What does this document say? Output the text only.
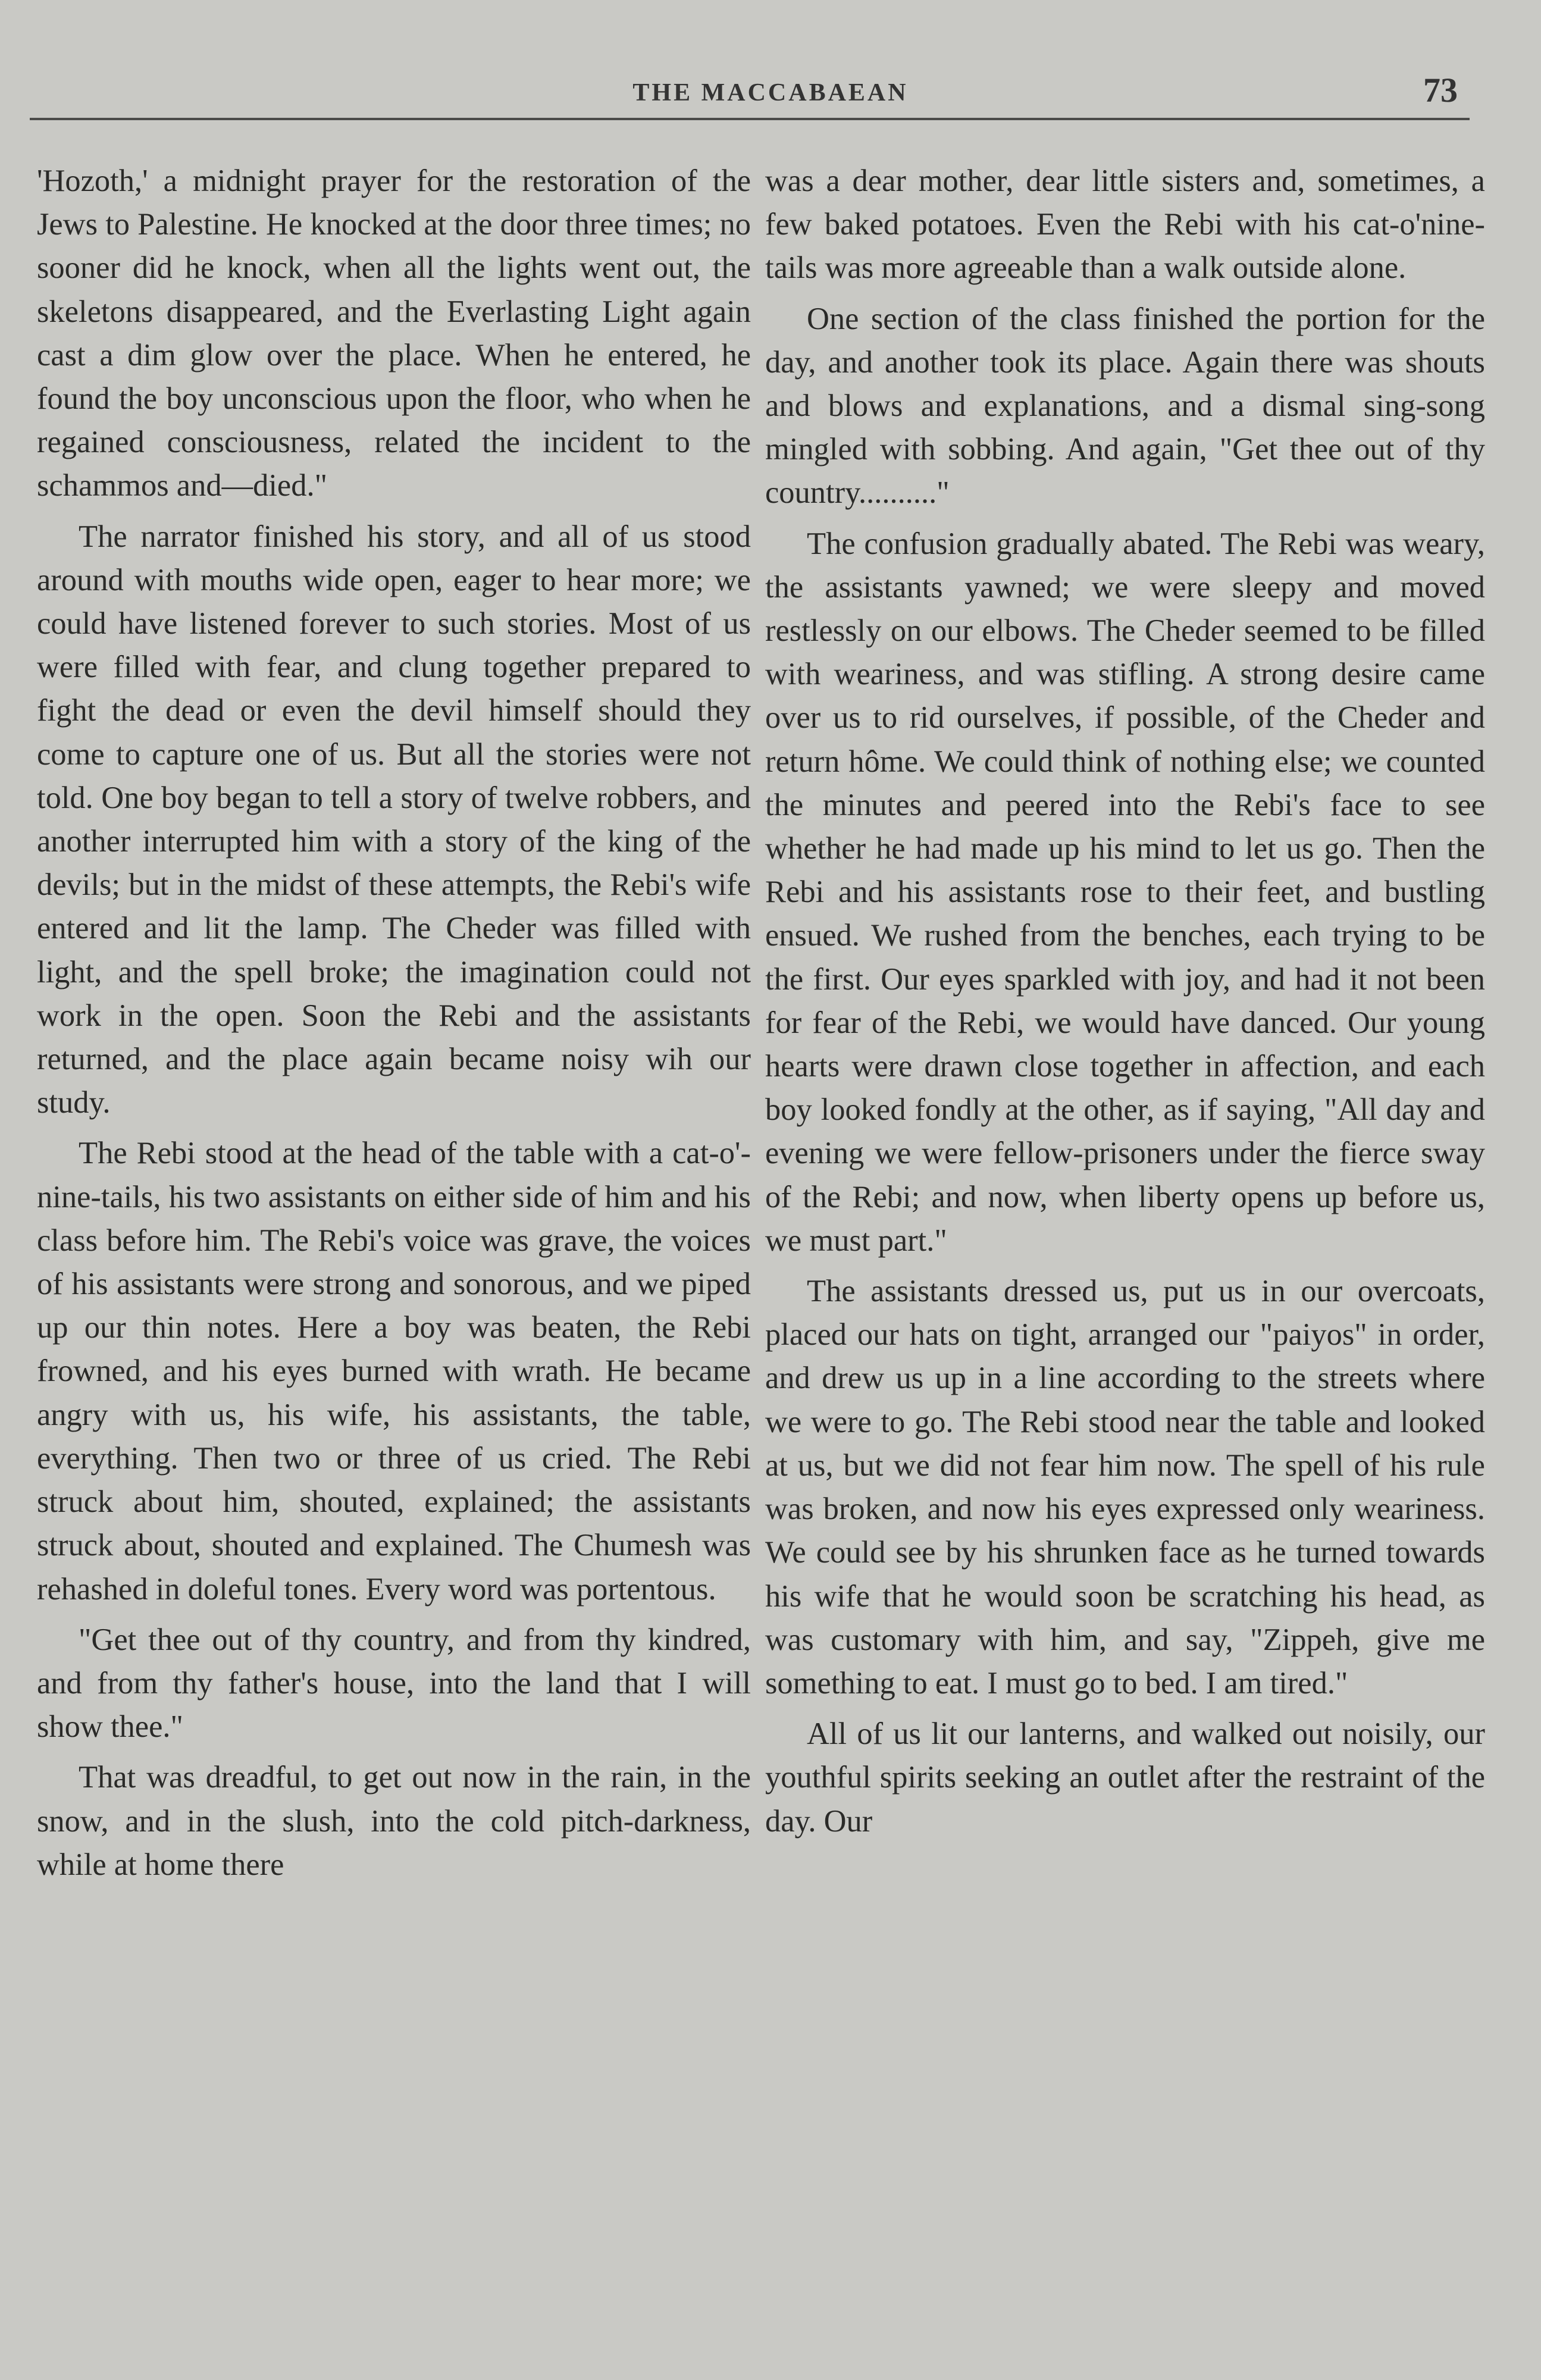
THE MACCABAEAN	73

'Hozoth,' a midnight prayer for the restoration of the Jews to Palestine. He knocked at the door three times; no sooner did he knock, when all the lights went out, the skeletons disappeared, and the Everlasting Light again cast a dim glow over the place. When he entered, he found the boy unconscious upon the floor, who when he regained consciousness, related the incident to the schammos and—died."

The narrator finished his story, and all of us stood around with mouths wide open, eager to hear more; we could have listened forever to such stories. Most of us were filled with fear, and clung together prepared to fight the dead or even the devil himself should they come to capture one of us. But all the stories were not told. One boy began to tell a story of twelve robbers, and another interrupted him with a story of the king of the devils; but in the midst of these attempts, the Rebi's wife entered and lit the lamp. The Cheder was filled with light, and the spell broke; the imagination could not work in the open. Soon the Rebi and the assistants returned, and the place again became noisy wih our study.

The Rebi stood at the head of the table with a cat-o'-nine-tails, his two assistants on either side of him and his class before him. The Rebi's voice was grave, the voices of his assistants were strong and sonorous, and we piped up our thin notes. Here a boy was beaten, the Rebi frowned, and his eyes burned with wrath. He became angry with us, his wife, his assistants, the table, everything. Then two or three of us cried. The Rebi struck about him, shouted, explained; the assistants struck about, shouted and explained. The Chumesh was rehashed in doleful tones. Every word was portentous.

"Get thee out of thy country, and from thy kindred, and from thy father's house, into the land that I will show thee."

That was dreadful, to get out now in the rain, in the snow, and in the slush, into the cold pitch-darkness, while at home there

was a dear mother, dear little sisters and, sometimes, a few baked potatoes. Even the Rebi with his cat-o'nine-tails was more agreeable than a walk outside alone.

One section of the class finished the portion for the day, and another took its place. Again there was shouts and blows and explanations, and a dismal sing-song mingled with sobbing. And again, "Get thee out of thy country.........."

The confusion gradually abated. The Rebi was weary, the assistants yawned; we were sleepy and moved restlessly on our elbows. The Cheder seemed to be filled with weariness, and was stifling. A strong desire came over us to rid ourselves, if possible, of the Cheder and return hôme. We could think of nothing else; we counted the minutes and peered into the Rebi's face to see whether he had made up his mind to let us go. Then the Rebi and his assistants rose to their feet, and bustling ensued. We rushed from the benches, each trying to be the first. Our eyes sparkled with joy, and had it not been for fear of the Rebi, we would have danced. Our young hearts were drawn close together in affection, and each boy looked fondly at the other, as if saying, "All day and evening we were fellow-prisoners under the fierce sway of the Rebi; and now, when liberty opens up before us, we must part."

The assistants dressed us, put us in our overcoats, placed our hats on tight, arranged our "paiyos" in order, and drew us up in a line according to the streets where we were to go. The Rebi stood near the table and looked at us, but we did not fear him now. The spell of his rule was broken, and now his eyes expressed only weariness. We could see by his shrunken face as he turned towards his wife that he would soon be scratching his head, as was customary with him, and say, "Zippeh, give me something to eat. I must go to bed. I am tired."

All of us lit our lanterns, and walked out noisily, our youthful spirits seeking an outlet after the restraint of the day. Our
